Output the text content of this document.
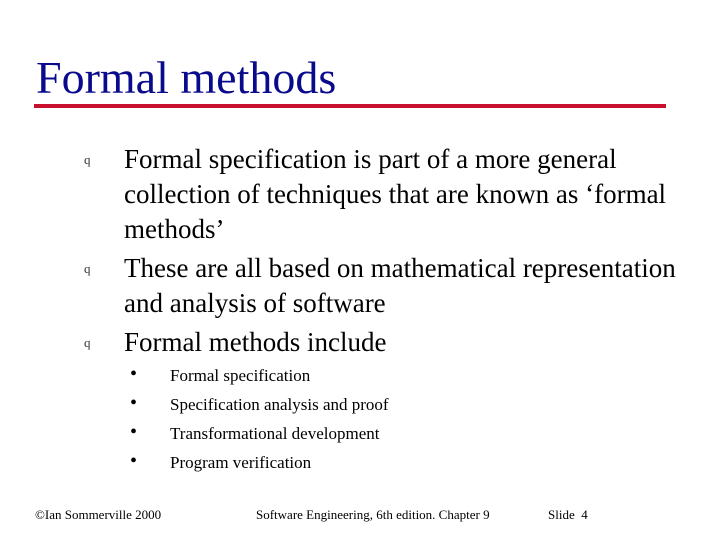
Formal methods
q Formal specification is part of a more general collection of techniques that are known as ‘formal methods’
q These are all based on mathematical representation and analysis of software
q Formal methods include
• Formal specification
• Specification analysis and proof
• Transformational development
• Program verification
©Ian Sommerville 2000	Software Engineering, 6th edition. Chapter 9	Slide 4
